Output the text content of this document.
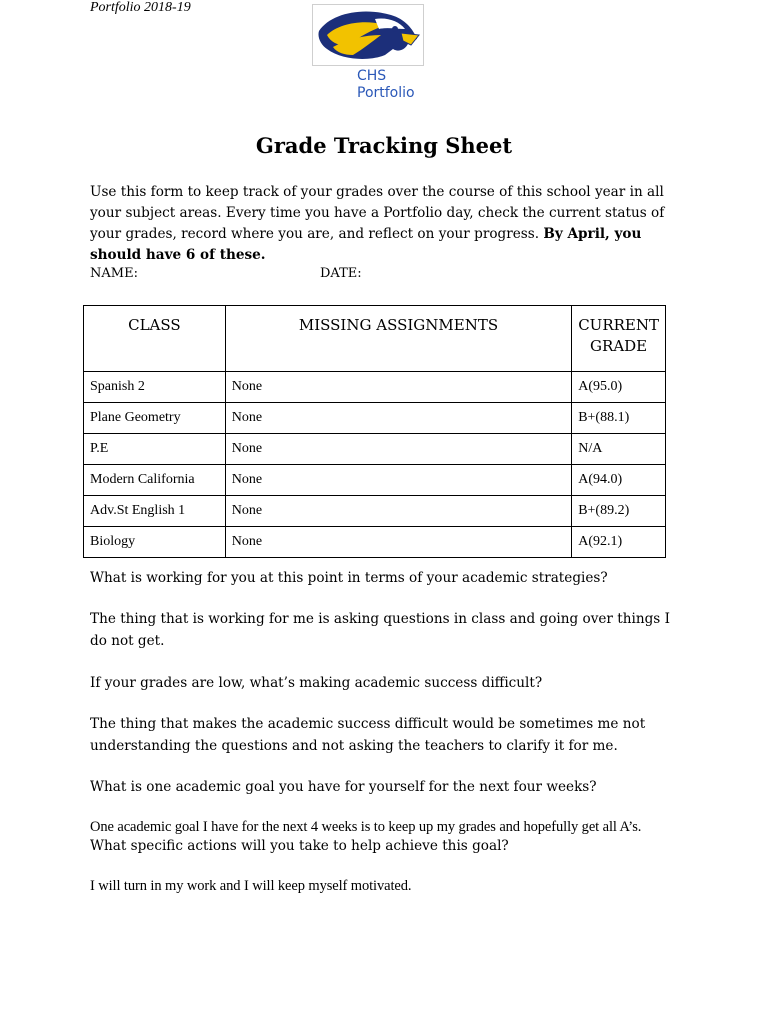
Portfolio 2018-19
CHS
Portfolio
Grade Tracking Sheet
Use this form to keep track of your grades over the course of this school year in all your subject areas. Every time you have a Portfolio day, check the current status of your grades, record where you are, and reflect on your progress. By April, you should have 6 of these.
NAME:	DATE:
CLASS	MISSING ASSIGNMENTS	CURRENT GRADE
Spanish 2	None	A(95.0)
Plane Geometry	None	B+(88.1)
P.E	None	N/A
Modern California	None	A(94.0)
Adv.St English 1	None	B+(89.2)
Biology	None	A(92.1)
What is working for you at this point in terms of your academic strategies?
The thing that is working for me is asking questions in class and going over things I do not get.
If your grades are low, what’s making academic success difficult?
The thing that makes the academic success difficult would be sometimes me not understanding the questions and not asking the teachers to clarify it for me.
What is one academic goal you have for yourself for the next four weeks?
One academic goal I have for the next 4 weeks is to keep up my grades and hopefully get all A’s.
What specific actions will you take to help achieve this goal?
I will turn in my work and I will keep myself motivated.
